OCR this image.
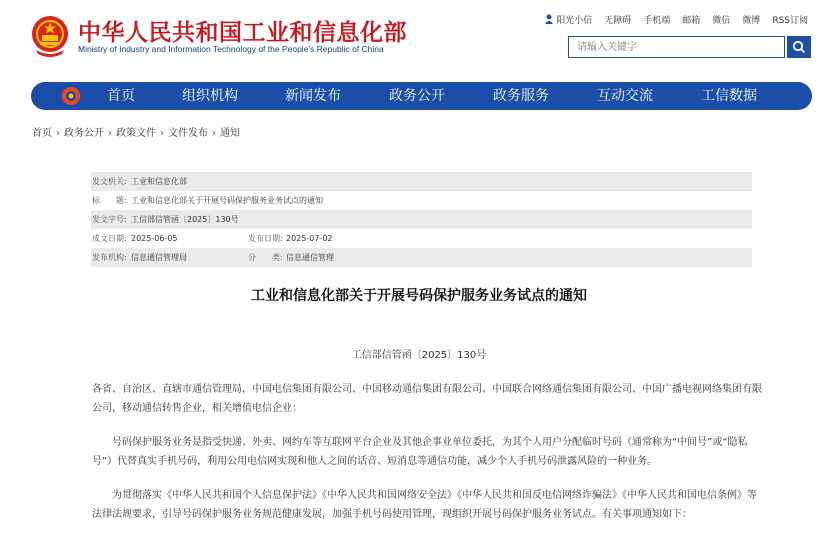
中华人民共和国工业和信息化部
Ministry of Industry and Information Technology of the People's Republic of China
阳光小信 无障碍 手机端 邮箱 微信 微博 RSS订阅
请输入关键字
首页	组织机构	新闻发布	政务公开	政务服务	互动交流	工信数据
首页 › 政务公开 › 政策文件 › 文件发布 › 通知
发文机关: 工业和信息化部
标　　题: 工业和信息化部关于开展号码保护服务业务试点的通知
发文字号: 工信部信管函〔2025〕130号
成文日期: 2025-06-05	发布日期: 2025-07-02
发布机构: 信息通信管理局	分　　类: 信息通信管理
工业和信息化部关于开展号码保护服务业务试点的通知
工信部信管函〔2025〕130号
各省、自治区、直辖市通信管理局，中国电信集团有限公司、中国移动通信集团有限公司、中国联合网络通信集团有限公司、中国广播电视网络集团有限公司，移动通信转售企业，相关增值电信企业：
号码保护服务业务是指受快递、外卖、网约车等互联网平台企业及其他企事业单位委托，为其个人用户分配临时号码（通常称为“中间号”或“隐私号”）代替真实手机号码，利用公用电信网实现和他人之间的话音、短消息等通信功能，减少个人手机号码泄露风险的一种业务。
为贯彻落实《中华人民共和国个人信息保护法》《中华人民共和国网络安全法》《中华人民共和国反电信网络诈骗法》《中华人民共和国电信条例》等法律法规要求，引导号码保护服务业务规范健康发展，加强手机号码使用管理，现组织开展号码保护服务业务试点。有关事项通知如下：
